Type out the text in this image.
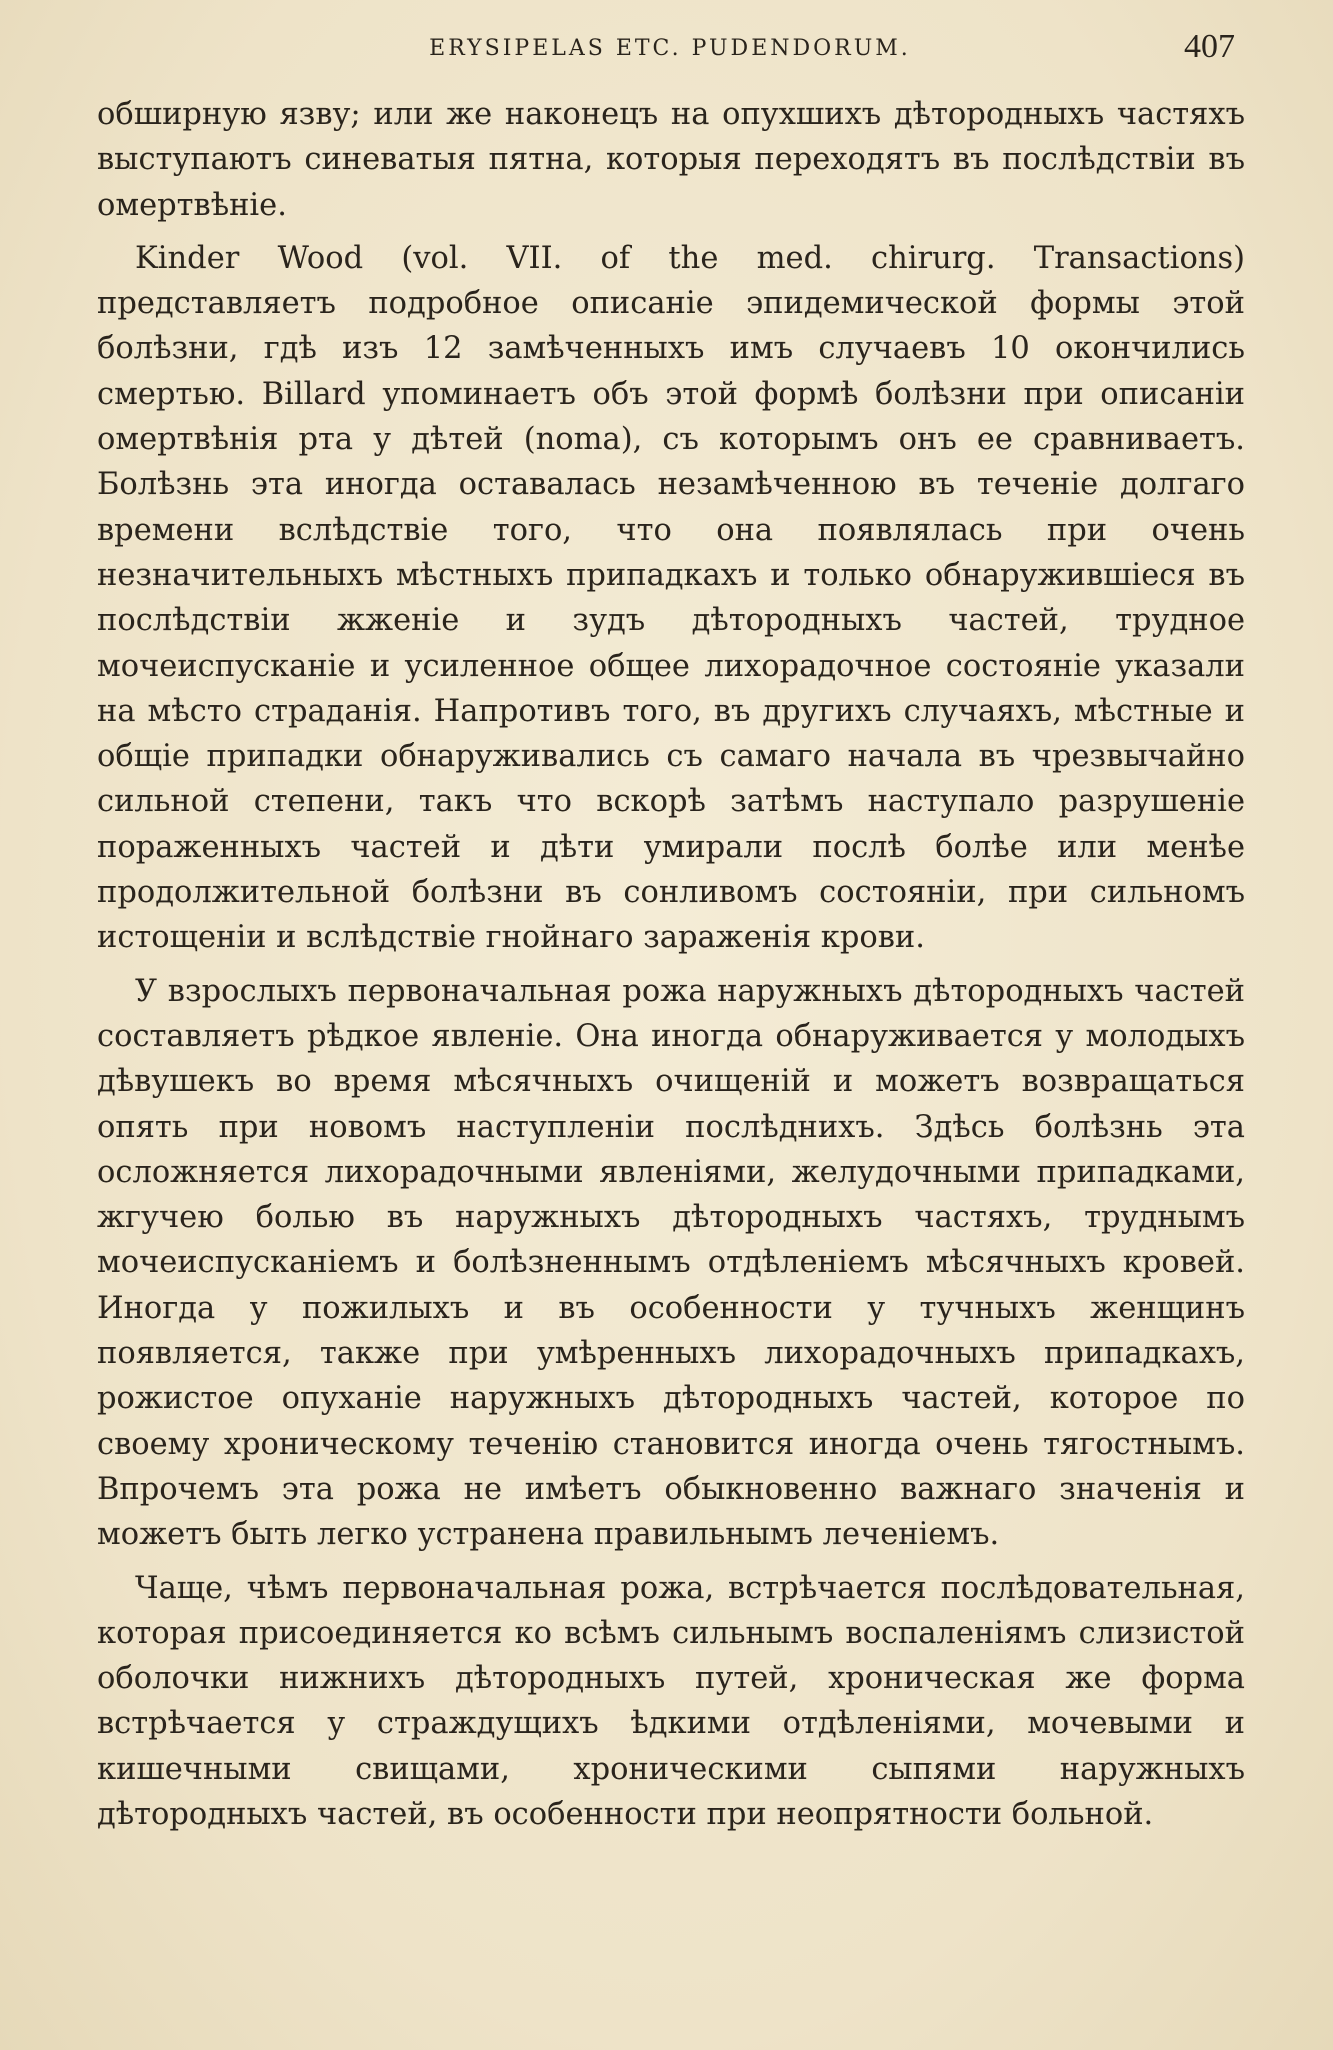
ERYSIPELAS ETC. PUDENDORUM.	407

обширную язву; или же наконецъ на опухшихъ дѣтородныхъ частяхъ выступаютъ синеватыя пятна, которыя переходятъ въ послѣдствіи въ омертвѣніе.

Kinder Wood (vol. VII. of the med. chirurg. Transactions) представляетъ подробное описаніе эпидемической формы этой болѣзни, гдѣ изъ 12 замѣченныхъ имъ случаевъ 10 окончились смертью. Billard упоминаетъ объ этой формѣ болѣзни при описаніи омертвѣнія рта у дѣтей (noma), съ которымъ онъ ее сравниваетъ. Болѣзнь эта иногда оставалась незамѣченною въ теченіе долгаго времени вслѣдствіе того, что она появлялась при очень незначительныхъ мѣстныхъ припадкахъ и только обнаружившіеся въ послѣдствіи жженіе и зудъ дѣтородныхъ частей, трудное мочеиспусканіе и усиленное общее лихорадочное состояніе указали на мѣсто страданія. Напротивъ того, въ другихъ случаяхъ, мѣстные и общіе припадки обнаруживались съ самаго начала въ чрезвычайно сильной степени, такъ что вскорѣ затѣмъ наступало разрушеніе пораженныхъ частей и дѣти умирали послѣ болѣе или менѣе продолжительной болѣзни въ сонливомъ состояніи, при сильномъ истощеніи и вслѣдствіе гнойнаго зараженія крови.

У взрослыхъ первоначальная рожа наружныхъ дѣтородныхъ частей составляетъ рѣдкое явленіе. Она иногда обнаруживается у молодыхъ дѣвушекъ во время мѣсячныхъ очищеній и можетъ возвращаться опять при новомъ наступленіи послѣднихъ. Здѣсь болѣзнь эта осложняется лихорадочными явленіями, желудочными припадками, жгучею болью въ наружныхъ дѣтородныхъ частяхъ, труднымъ мочеиспусканіемъ и болѣзненнымъ отдѣленіемъ мѣсячныхъ кровей. Иногда у пожилыхъ и въ особенности у тучныхъ женщинъ появляется, также при умѣренныхъ лихорадочныхъ припадкахъ, рожистое опуханіе наружныхъ дѣтородныхъ частей, которое по своему хроническому теченію становится иногда очень тягостнымъ. Впрочемъ эта рожа не имѣетъ обыкновенно важнаго значенія и можетъ быть легко устранена правильнымъ леченіемъ.

Чаще, чѣмъ первоначальная рожа, встрѣчается послѣдовательная, которая присоединяется ко всѣмъ сильнымъ воспаленіямъ слизистой оболочки нижнихъ дѣтородныхъ путей, хроническая же форма встрѣчается у страждущихъ ѣдкими отдѣленіями, мочевыми и кишечными свищами, хроническими сыпями наружныхъ дѣтородныхъ частей, въ особенности при неопрятности больной.
